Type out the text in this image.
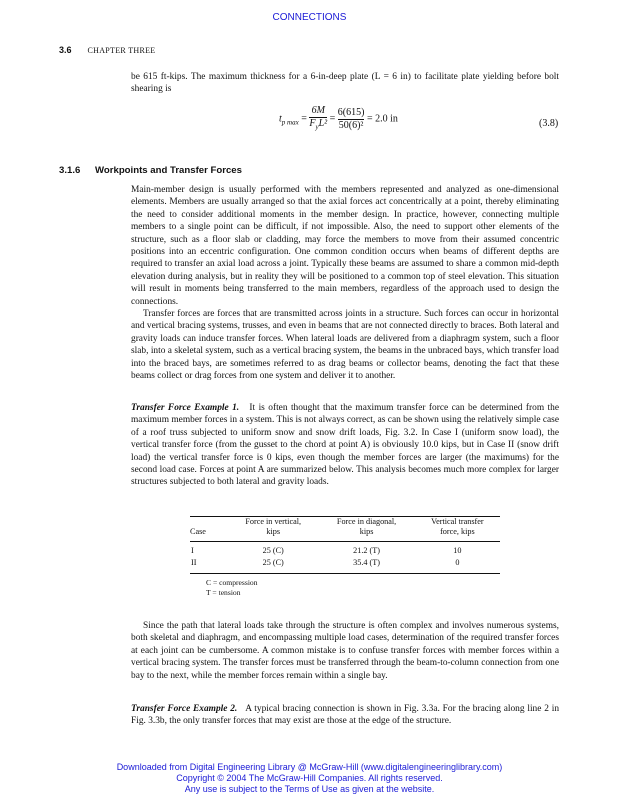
CONNECTIONS
3.6 CHAPTER THREE
be 615 ft-kips. The maximum thickness for a 6-in-deep plate (L = 6 in) to facilitate plate yielding before bolt shearing is
$t_{p max} = \frac{6M}{F_yL^2} = \frac{6(615)}{\text{50(6)²}} = 2.0$ in	(3.8)
3.1.6 Workpoints and Transfer Forces
Main-member design is usually performed with the members represented and analyzed as one-dimensional elements. Members are usually arranged so that the axial forces act concentrically at a point, thereby eliminating the need to consider additional moments in the member design. In practice, however, connecting multiple members to a single point can be difficult, if not impossible. Also, the need to support other elements of the structure, such as a floor slab or cladding, may force the members to move from their assumed concentric positions into an eccentric configuration. One common condition occurs when beams of different depths are required to transfer an axial load across a joint. Typically these beams are assumed to share a common mid-depth elevation during analysis, but in reality they will be positioned to a common top of steel elevation. This situation will result in moments being transferred to the main members, regardless of the approach used to design the connections.
Transfer forces are forces that are transmitted across joints in a structure. Such forces can occur in horizontal and vertical bracing systems, trusses, and even in beams that are not connected directly to braces. Both lateral and gravity loads can induce transfer forces. When lateral loads are delivered from a diaphragm system, such a floor slab, into a skeletal system, such as a vertical bracing system, the beams in the unbraced bays, which transfer load into the braced bays, are sometimes referred to as drag beams or collector beams, denoting the fact that these beams collect or drag forces from one system and deliver it to another.
Transfer Force Example 1. It is often thought that the maximum transfer force can be determined from the maximum member forces in a system. This is not always correct, as can be shown using the relatively simple case of a roof truss subjected to uniform snow and snow drift loads, Fig. 3.2. In Case I (uniform snow load), the vertical transfer force (from the gusset to the chord at point A) is obviously 10.0 kips, but in Case II (snow drift load) the vertical transfer force is 0 kips, even though the member forces are larger (the maximums) for the second load case. Forces at point A are summarized below. This analysis becomes much more complex for larger structures subjected to both lateral and gravity loads.
	Force in vertical,	Force in diagonal,	Vertical transfer
Case	kips	kips	force, kips
I	25 (C)	21.2 (T)	10
II	25 (C)	35.4 (T)	0
C = compression
T = tension
Since the path that lateral loads take through the structure is often complex and involves numerous systems, both skeletal and diaphragm, and encompassing multiple load cases, determination of the required transfer forces at each joint can be cumbersome. A common mistake is to confuse transfer forces with member forces within a vertical bracing system. The transfer forces must be transferred through the beam-to-column connection from one bay to the next, while the member forces remain within a single bay.
Transfer Force Example 2. A typical bracing connection is shown in Fig. 3.3a. For the bracing along line 2 in Fig. 3.3b, the only transfer forces that may exist are those at the edge of the structure.
Downloaded from Digital Engineering Library @ McGraw-Hill (www.digitalengineeringlibrary.com)
Copyright © 2004 The McGraw-Hill Companies. All rights reserved.
Any use is subject to the Terms of Use as given at the website.
